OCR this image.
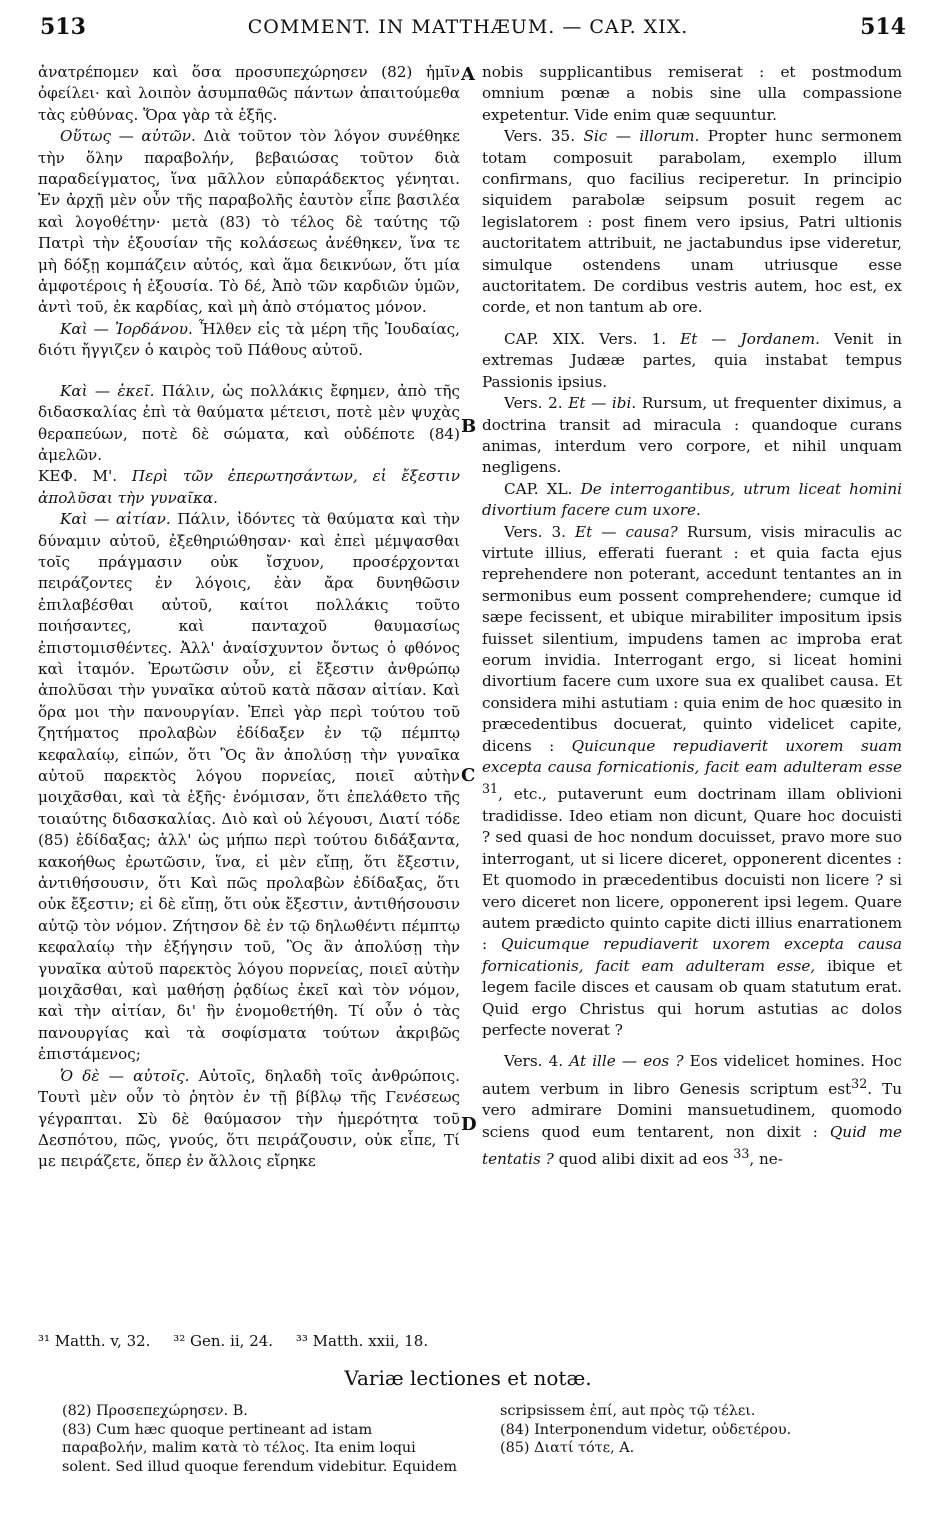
513	COMMENT. IN MATTHÆUM. — CAP. XIX.	514

ἀνατρέπομεν καὶ ὅσα προσυπεχώρησεν (82) ἡμῖν ὀφείλει· καὶ λοιπὸν ἀσυμπαθῶς πάντων ἀπαιτούμεθα τὰς εὐθύνας. Ὅρα γὰρ τὰ ἑξῆς.

Οὕτως — αὐτῶν. Διὰ τοῦτον τὸν λόγον συνέθηκε τὴν ὅλην παραβολήν, βεβαιώσας τοῦτον διὰ παραδείγματος, ἵνα μᾶλλον εὐπαράδεκτος γένηται. Ἐν ἀρχῇ μὲν οὖν τῆς παραβολῆς ἑαυτὸν εἶπε βασιλέα καὶ λογοθέτην· μετὰ (83) τὸ τέλος δὲ ταύτης τῷ Πατρὶ τὴν ἐξουσίαν τῆς κολάσεως ἀνέθηκεν, ἵνα τε μὴ δόξῃ κομπάζειν αὐτός, καὶ ἅμα δεικνύων, ὅτι μία ἀμφοτέροις ἡ ἐξουσία. Τὸ δέ, Ἀπὸ τῶν καρδιῶν ὑμῶν, ἀντὶ τοῦ, ἐκ καρδίας, καὶ μὴ ἀπὸ στόματος μόνον.

Καὶ — Ἰορδάνου. Ἦλθεν εἰς τὰ μέρη τῆς Ἰουδαίας, διότι ἤγγιζεν ὁ καιρὸς τοῦ Πάθους αὐτοῦ.

Καὶ — ἐκεῖ. Πάλιν, ὡς πολλάκις ἔφημεν, ἀπὸ τῆς διδασκαλίας ἐπὶ τὰ θαύματα μέτεισι, ποτὲ μὲν ψυχὰς θεραπεύων, ποτὲ δὲ σώματα, καὶ οὐδέποτε (84) ἀμελῶν.

ΚΕΦ. Μ'. Περὶ τῶν ἐπερωτησάντων, εἰ ἔξεστιν ἀπολῦσαι τὴν γυναῖκα.

Καὶ — αἰτίαν. Πάλιν, ἰδόντες τὰ θαύματα καὶ τὴν δύναμιν αὐτοῦ, ἐξεθηριώθησαν· καὶ ἐπεὶ μέμψασθαι τοῖς πράγμασιν οὐκ ἴσχυον, προσέρχονται πειράζοντες ἐν λόγοις, ἐὰν ἄρα δυνηθῶσιν ἐπιλαβέσθαι αὐτοῦ, καίτοι πολλάκις τοῦτο ποιήσαντες, καὶ πανταχοῦ θαυμασίως ἐπιστομισθέντες. Ἀλλ' ἀναίσχυντον ὄντως ὁ φθόνος καὶ ἰταμόν. Ἐρωτῶσιν οὖν, εἰ ἔξεστιν ἀνθρώπῳ ἀπολῦσαι τὴν γυναῖκα αὐτοῦ κατὰ πᾶσαν αἰτίαν. Καὶ ὅρα μοι τὴν πανουργίαν. Ἐπεὶ γὰρ περὶ τούτου τοῦ ζητήματος προλαβὼν ἐδίδαξεν ἐν τῷ πέμπτῳ κεφαλαίῳ, εἰπών, ὅτι Ὃς ἂν ἀπολύσῃ τὴν γυναῖκα αὐτοῦ παρεκτὸς λόγου πορνείας, ποιεῖ αὐτὴν μοιχᾶσθαι, καὶ τὰ ἑξῆς· ἐνόμισαν, ὅτι ἐπελάθετο τῆς τοιαύτης διδασκαλίας. Διὸ καὶ οὐ λέγουσι, Διατί τόδε (85) ἐδίδαξας; ἀλλ' ὡς μήπω περὶ τούτου διδάξαντα, κακοήθως ἐρωτῶσιν, ἵνα, εἰ μὲν εἴπῃ, ὅτι ἔξεστιν, ἀντιθήσουσιν, ὅτι Καὶ πῶς προλαβὼν ἐδίδαξας, ὅτι οὐκ ἔξεστιν; εἰ δὲ εἴπῃ, ὅτι οὐκ ἔξεστιν, ἀντιθήσουσιν αὐτῷ τὸν νόμον. Ζήτησον δὲ ἐν τῷ δηλωθέντι πέμπτῳ κεφαλαίῳ τὴν ἐξήγησιν τοῦ, Ὃς ἂν ἀπολύσῃ τὴν γυναῖκα αὐτοῦ παρεκτὸς λόγου πορνείας, ποιεῖ αὐτὴν μοιχᾶσθαι, καὶ μαθήσῃ ῥᾳδίως ἐκεῖ καὶ τὸν νόμον, καὶ τὴν αἰτίαν, δι' ἣν ἐνομοθετήθη. Τί οὖν ὁ τὰς πανουργίας καὶ τὰ σοφίσματα τούτων ἀκριβῶς ἐπιστάμενος;

Ὁ δὲ — αὐτοῖς. Αὐτοῖς, δηλαδὴ τοῖς ἀνθρώποις. Τουτὶ μὲν οὖν τὸ ῥητὸν ἐν τῇ βίβλῳ τῆς Γενέσεως γέγραπται. Σὺ δὲ θαύμασον τὴν ἡμερότητα τοῦ Δεσπότου, πῶς, γνούς, ὅτι πειράζουσιν, οὐκ εἶπε, Τί με πειράζετε, ὅπερ ἐν ἄλλοις εἴρηκε

A
B
C
D

nobis supplicantibus remiserat : et postmodum omnium pœnæ a nobis sine ulla compassione expetentur. Vide enim quæ sequuntur.

Vers. 35. Sic — illorum. Propter hunc sermonem totam composuit parabolam, exemplo illum confirmans, quo facilius reciperetur. In principio siquidem parabolæ seipsum posuit regem ac legislatorem : post finem vero ipsius, Patri ultionis auctoritatem attribuit, ne jactabundus ipse videretur, simulque ostendens unam utriusque esse auctoritatem. De cordibus vestris autem, hoc est, ex corde, et non tantum ab ore.

CAP. XIX. Vers. 1. Et — Jordanem. Venit in extremas Judææ partes, quia instabat tempus Passionis ipsius.

Vers. 2. Et — ibi. Rursum, ut frequenter diximus, a doctrina transit ad miracula : quandoque curans animas, interdum vero corpore, et nihil unquam negligens.

CAP. XL. De interrogantibus, utrum liceat homini divortium facere cum uxore.

Vers. 3. Et — causa? Rursum, visis miraculis ac virtute illius, efferati fuerant : et quia facta ejus reprehendere non poterant, accedunt tentantes an in sermonibus eum possent comprehendere; cumque id sæpe fecissent, et ubique mirabiliter impositum ipsis fuisset silentium, impudens tamen ac improba erat eorum invidia. Interrogant ergo, si liceat homini divortium facere cum uxore sua ex qualibet causa. Et considera mihi astutiam : quia enim de hoc quæsito in præcedentibus docuerat, quinto videlicet capite, dicens : Quicunque repudiaverit uxorem suam excepta causa fornicationis, facit eam adulteram esse $^{31}$, etc., putaverunt eum doctrinam illam oblivioni tradidisse. Ideo etiam non dicunt, Quare hoc docuisti ? sed quasi de hoc nondum docuisset, pravo more suo interrogant, ut si licere diceret, opponerent dicentes : Et quomodo in præcedentibus docuisti non licere ? si vero diceret non licere, opponerent ipsi legem. Quare autem prædicto quinto capite dicti illius enarrationem : Quicumque repudiaverit uxorem excepta causa fornicationis, facit eam adulteram esse, ibique et legem facile disces et causam ob quam statutum erat. Quid ergo Christus qui horum astutias ac dolos perfecte noverat ?

Vers. 4. At ille — eos ? Eos videlicet homines. Hoc autem verbum in libro Genesis scriptum est$^{32}$. Tu vero admirare Domini mansuetudinem, quomodo sciens quod eum tentarent, non dixit : Quid me tentatis ? quod alibi dixit ad eos $^{33}$, ne-

³¹ Matth. v, 32. ³² Gen. ii, 24. ³³ Matth. xxii, 18.
Variæ lectiones et notæ.
(82) Προσεπεχώρησεν. B.
(83) Cum hæc quoque pertineant ad istam παραβολήν, malim κατὰ τὸ τέλος. Ita enim loqui solent. Sed illud quoque ferendum videbitur. Equidem
scripsissem ἐπί, aut πρὸς τῷ τέλει.
(84) Interponendum videtur, οὐδετέρου.
(85) Διατί τότε, A.
